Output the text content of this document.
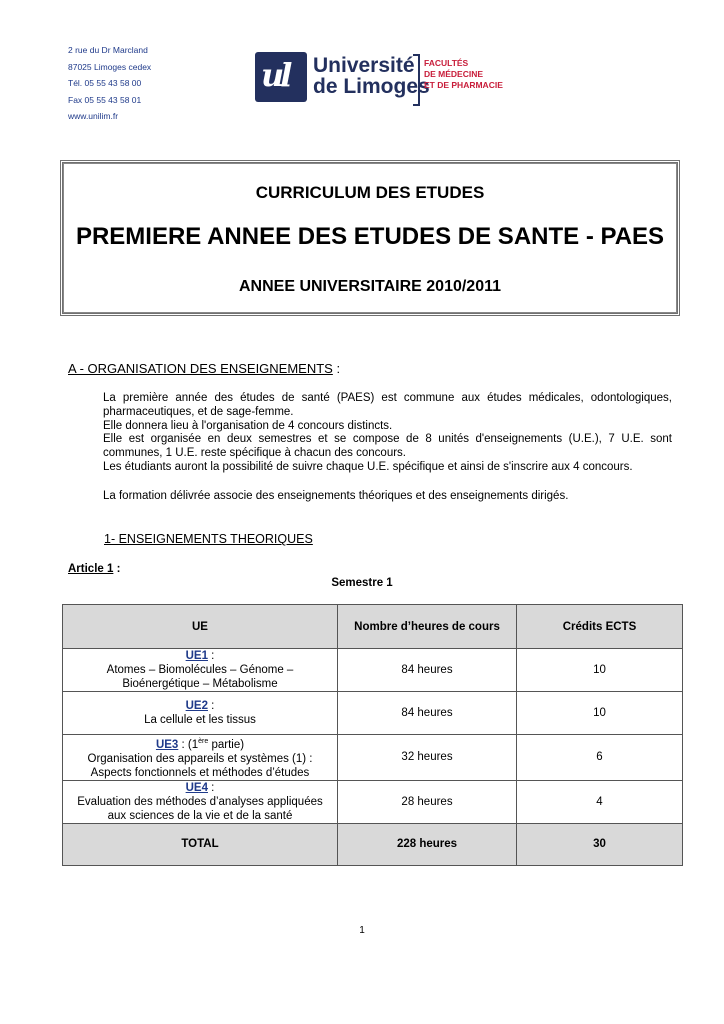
2 rue du Dr Marcland
87025 Limoges cedex
Tél. 05 55 43 58 00
Fax 05 55 43 58 01
www.unilim.fr
ul Université
de Limoges
FACULTÉS
DE MÉDECINE
ET DE PHARMACIE
CURRICULUM DES ETUDES
PREMIERE ANNEE DES ETUDES DE SANTE - PAES
ANNEE UNIVERSITAIRE 2010/2011
A - ORGANISATION DES ENSEIGNEMENTS :
La première année des études de santé (PAES) est commune aux études médicales, odontologiques, pharmaceutiques, et de sage-femme.
Elle donnera lieu à l'organisation de 4 concours distincts.
Elle est organisée en deux semestres et se compose de 8 unités d'enseignements (U.E.), 7 U.E. sont communes, 1 U.E. reste spécifique à chacun des concours.
Les étudiants auront la possibilité de suivre chaque U.E. spécifique et ainsi de s'inscrire aux 4 concours.
La formation délivrée associe des enseignements théoriques et des enseignements dirigés.
1- ENSEIGNEMENTS THEORIQUES
Article 1 :
Semestre 1
UE	Nombre d’heures de cours	Crédits ECTS
UE1 :
Atomes – Biomolécules – Génome –
Bioénergétique – Métabolisme	84 heures	10
UE2 :
La cellule et les tissus	84 heures	10
UE3 : (1ère partie)
Organisation des appareils et systèmes (1) :
Aspects fonctionnels et méthodes d’études	32 heures	6
UE4 :
Evaluation des méthodes d’analyses appliquées
aux sciences de la vie et de la santé	28 heures	4
TOTAL	228 heures	30
1
